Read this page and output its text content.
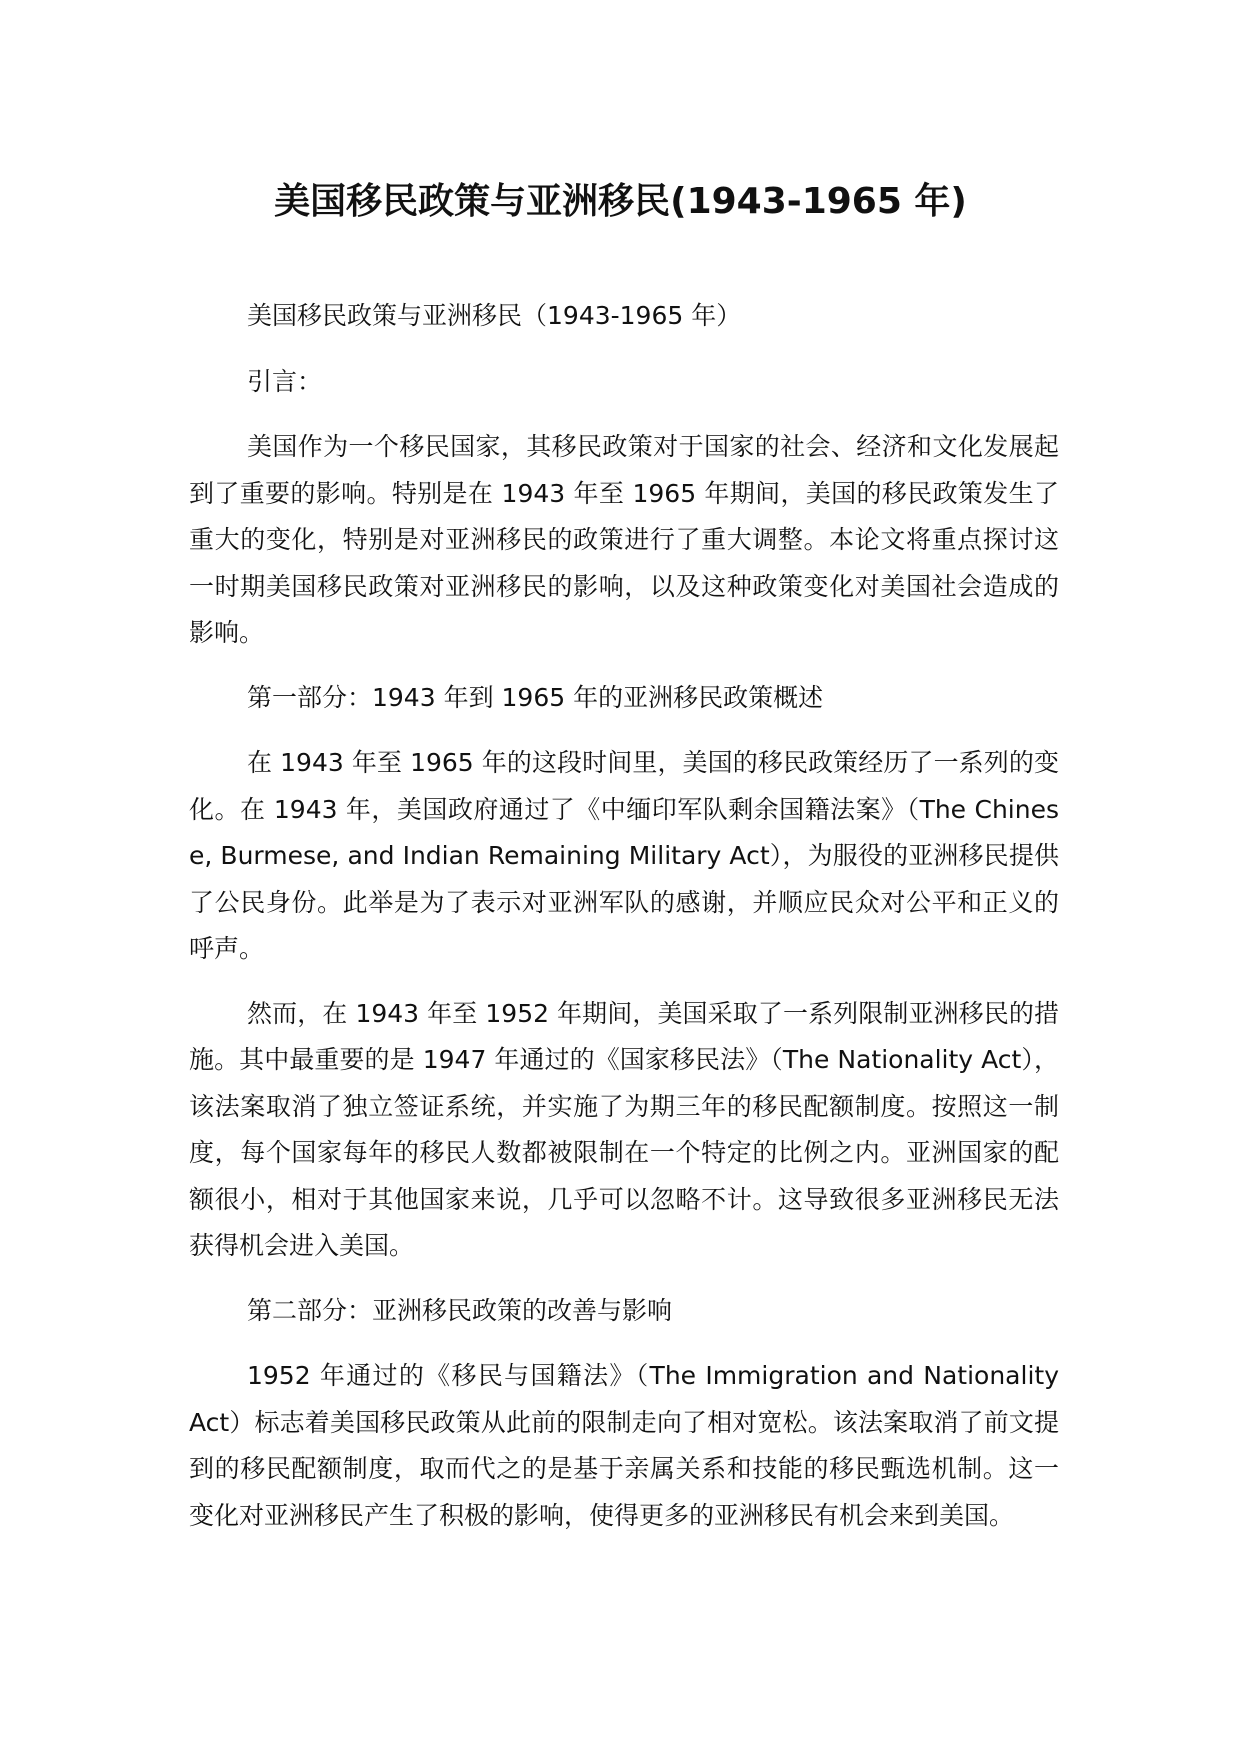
美国移民政策与亚洲移民(1943-1965 年)

美国移民政策与亚洲移民（1943-1965 年）

引言：

美国作为一个移民国家，其移民政策对于国家的社会、经济和文化发展起到了重要的影响。特别是在 1943 年至 1965 年期间，美国的移民政策发生了重大的变化，特别是对亚洲移民的政策进行了重大调整。本论文将重点探讨这一时期美国移民政策对亚洲移民的影响，以及这种政策变化对美国社会造成的影响。

第一部分：1943 年到 1965 年的亚洲移民政策概述

在 1943 年至 1965 年的这段时间里，美国的移民政策经历了一系列的变化。在 1943 年，美国政府通过了《中缅印军队剩余国籍法案》（The Chinese, Burmese, and Indian Remaining Military Act），为服役的亚洲移民提供了公民身份。此举是为了表示对亚洲军队的感谢，并顺应民众对公平和正义的呼声。

然而，在 1943 年至 1952 年期间，美国采取了一系列限制亚洲移民的措施。其中最重要的是 1947 年通过的《国家移民法》（The Nationality Act），该法案取消了独立签证系统，并实施了为期三年的移民配额制度。按照这一制度，每个国家每年的移民人数都被限制在一个特定的比例之内。亚洲国家的配额很小，相对于其他国家来说，几乎可以忽略不计。这导致很多亚洲移民无法获得机会进入美国。

第二部分：亚洲移民政策的改善与影响

1952 年通过的《移民与国籍法》（The Immigration and Nationality Act）标志着美国移民政策从此前的限制走向了相对宽松。该法案取消了前文提到的移民配额制度，取而代之的是基于亲属关系和技能的移民甄选机制。这一变化对亚洲移民产生了积极的影响，使得更多的亚洲移民有机会来到美国。
